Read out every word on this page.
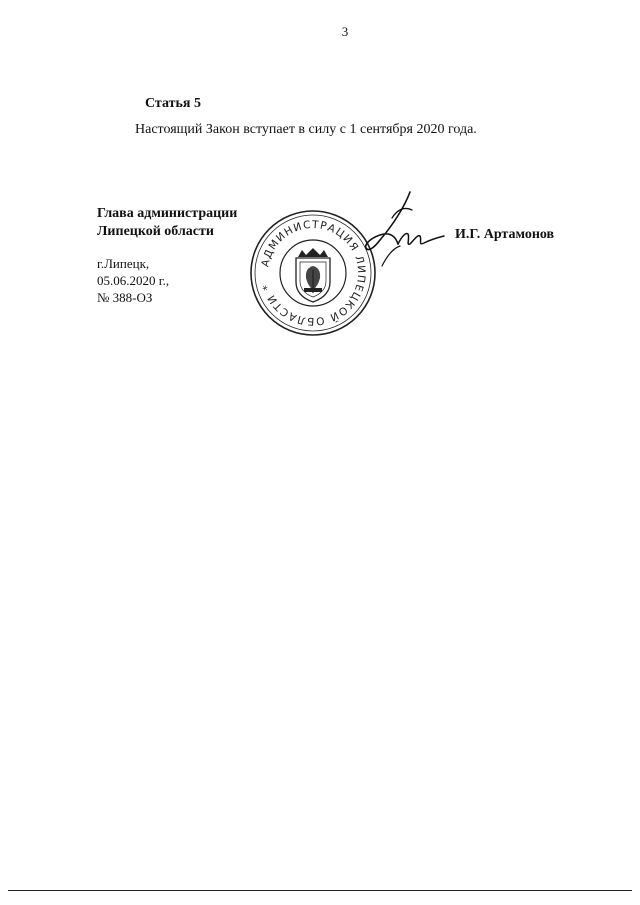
3
Статья 5
Настоящий Закон вступает в силу с 1 сентября 2020 года.
Глава администрации
Липецкой области
г.Липецк,
05.06.2020 г.,
№ 388-ОЗ
АДМИНИСТРАЦИЯ ЛИПЕЦКОЙ ОБЛАСТИ *
И.Г. Артамонов
